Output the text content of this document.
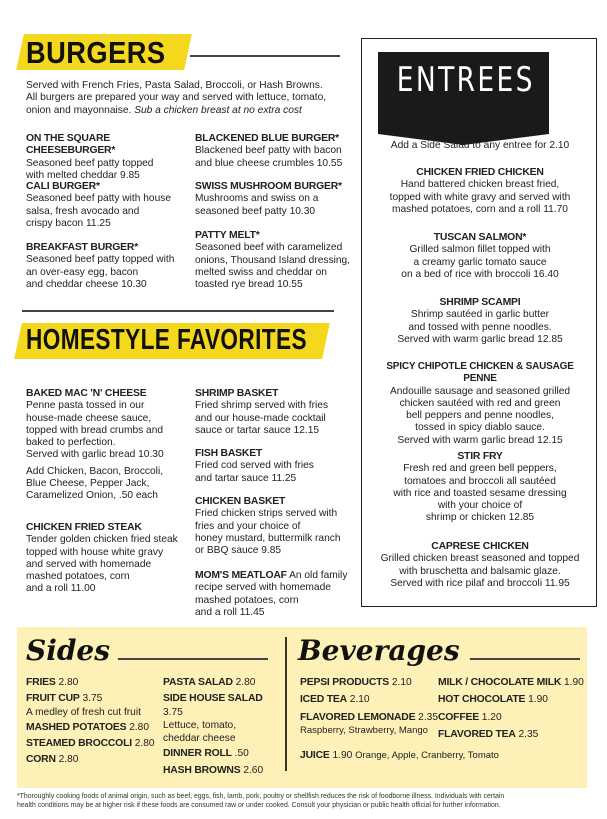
BURGERS
Served with French Fries, Pasta Salad, Broccoli, or Hash Browns.
All burgers are prepared your way and served with lettuce, tomato,
onion and mayonnaise. Sub a chicken breast at no extra cost
ON THE SQUARE CHEESEBURGER*
Seasoned beef patty topped
with melted cheddar 9.85
CALI BURGER*
Seasoned beef patty with house
salsa, fresh avocado and
crispy bacon 11.25
BREAKFAST BURGER*
Seasoned beef patty topped with
an over-easy egg, bacon
and cheddar cheese 10.30
BLACKENED BLUE BURGER*
Blackened beef patty with bacon
and blue cheese crumbles 10.55
SWISS MUSHROOM BURGER*
Mushrooms and swiss on a
seasoned beef patty 10.30
PATTY MELT*
Seasoned beef with caramelized
onions, Thousand Island dressing,
melted swiss and cheddar on
toasted rye bread 10.55
HOMESTYLE FAVORITES
BAKED MAC 'N' CHEESE
Penne pasta tossed in our
house-made cheese sauce,
topped with bread crumbs and
baked to perfection.
Served with garlic bread 10.30
Add Chicken, Bacon, Broccoli,
Blue Cheese, Pepper Jack,
Caramelized Onion, .50 each
CHICKEN FRIED STEAK
Tender golden chicken fried steak
topped with house white gravy
and served with homemade
mashed potatoes, corn
and a roll 11.00
SHRIMP BASKET
Fried shrimp served with fries
and our house-made cocktail
sauce or tartar sauce 12.15
FISH BASKET
Fried cod served with fries
and tartar sauce 11.25
CHICKEN BASKET
Fried chicken strips served with
fries and your choice of
honey mustard, buttermilk ranch
or BBQ sauce 9.85
MOM'S MEATLOAF An old family
recipe served with homemade
mashed potatoes, corn
and a roll 11.45
ENTREES
Add a Side Salad to any entree for 2.10
CHICKEN FRIED CHICKEN
Hand battered chicken breast fried,
topped with white gravy and served with
mashed potatoes, corn and a roll 11.70
TUSCAN SALMON*
Grilled salmon fillet topped with
a creamy garlic tomato sauce
on a bed of rice with broccoli 16.40
SHRIMP SCAMPI
Shrimp sautéed in garlic butter
and tossed with penne noodles.
Served with warm garlic bread 12.85
SPICY CHIPOTLE CHICKEN & SAUSAGE PENNE
Andouille sausage and seasoned grilled
chicken sautéed with red and green
bell peppers and penne noodles,
tossed in spicy diablo sauce.
Served with warm garlic bread 12.15
STIR FRY
Fresh red and green bell peppers,
tomatoes and broccoli all sautéed
with rice and toasted sesame dressing
with your choice of
shrimp or chicken 12.85
CAPRESE CHICKEN
Grilled chicken breast seasoned and topped
with bruschetta and balsamic glaze.
Served with rice pilaf and broccoli 11.95
Sides
FRIES 2.80
FRUIT CUP 3.75
A medley of fresh cut fruit
MASHED POTATOES 2.80
STEAMED BROCCOLI 2.80
CORN 2.80
PASTA SALAD 2.80
SIDE HOUSE SALAD 3.75
Lettuce, tomato,
cheddar cheese
DINNER ROLL .50
HASH BROWNS 2.60
Beverages
PEPSI PRODUCTS 2.10
ICED TEA 2.10
FLAVORED LEMONADE 2.35
Raspberry, Strawberry, Mango
JUICE 1.90 Orange, Apple, Cranberry, Tomato
MILK / CHOCOLATE MILK 1.90
HOT CHOCOLATE 1.90
COFFEE 1.20
FLAVORED TEA 2.35
*Thoroughly cooking foods of animal origin, such as beef, eggs, fish, lamb, pork, poultry or shellfish reduces the risk of foodborne illness. Individuals with certain
health conditions may be at higher risk if these foods are consumed raw or under cooked. Consult your physician or public health official for further information.
